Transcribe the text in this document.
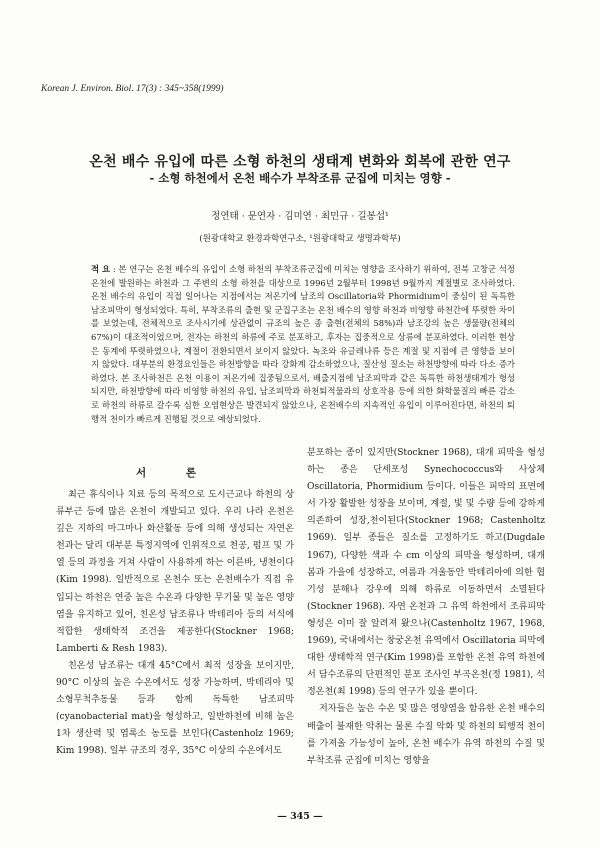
Korean J. Environ. Biol. 17(3) : 345~358(1999)
온천 배수 유입에 따른 소형 하천의 생태계 변화와 회복에 관한 연구
- 소형 하천에서 온천 배수가 부착조류 군집에 미치는 영향 -
정연태 · 문연자 · 김미연 · 최민규 · 길봉섭¹
(원광대학교 환경과학연구소, ¹원광대학교 생명과학부)
적 요 : 본 연구는 온천 배수의 유입이 소형 하천의 부착조류군집에 미치는 영향을 조사하기 위하여, 전북 고창군 석정온천에 발원하는 하천과 그 주변의 소형 하천을 대상으로 1996년 2월부터 1998년 9월까지 계절별로 조사하였다. 온천 배수의 유입이 직접 일어나는 지점에서는 저온기에 남조의 Oscillatoria와 Phormidium이 중심이 된 독특한 남조피막이 형성되었다. 특히, 부착조류의 출현 및 군집구조는 온천 배수의 영향 하천과 비영향 하천간에 뚜렷한 차이를 보였는데, 전체적으로 조사시기에 상관없이 규조의 높은 종 출현(전체의 58%)과 남조강의 높은 생물량(전체의 67%)이 대조적이었으며, 전자는 하천의 하류에 주로 분포하고, 후자는 집중적으로 상류에 분포하였다. 이러한 현상은 동계에 뚜렷하였으나, 계절이 전환되면서 보이지 않았다. 녹조와 유글레나류 등은 계절 및 지점에 큰 영향을 보이지 않았다. 대부분의 환경요인들은 하천방향을 따라 강화계 감소하였으나, 질산성 질소는 하천방향에 따라 다소 증가하였다. 본 조사하천은 온천 이용이 저온기에 집중됨으로서, 배출지점에 남조피막과 같은 독특한 하천생태계가 형성되지만, 하천방향에 따라 비영향 하천의 유입, 남조피막과 하천퇴적물과의 상호작용 등에 의한 화학물질의 빠른 감소로 하천의 하류로 갈수록 심한 오염현상은 발견되지 않았으나, 온천배수의 지속적인 유입이 이루어진다면, 하천의 퇴행적 천이가 빠르게 진행될 것으로 예상되었다.
서 론

최근 휴식이나 치료 등의 목적으로 도시근교나 하천의 상류부근 등에 많은 온천이 개발되고 있다. 우리 나라 온천은 깊은 지하의 마그마나 화산활동 등에 의해 생성되는 자연온천과는 달리 대부분 특정지역에 인위적으로 천공, 펌프 및 가열 등의 과정을 거쳐 사람이 사용하게 하는 이른바, 냉천이다(Kim 1998). 일반적으로 온천수 또는 온천배수가 직접 유입되는 하천은 연중 높은 수온과 다양한 무기물 및 높은 영양염을 유지하고 있어, 친온성 남조류나 박테리아 등의 서식에 적합한 생태학적 조건을 제공한다(Stockner 1968; Lamberti & Resh 1983).

친온성 남조류는 대개 45°C에서 최적 성장을 보이지만, 90°C 이상의 높은 수온에서도 성장 가능하며, 박테리아 및 소형무척추동물 등과 함께 독특한 남조피막(cyanobacterial mat)을 형성하고, 일반하천에 비해 높은 1차 생산력 및 엽록소 농도를 보인다(Castenholz 1969; Kim 1998). 일부 규조의 경우, 35°C 이상의 수온에서도

분포하는 종이 있지만(Stockner 1968), 대개 피막을 형성하는 종은 단세포성 Synechococcus와 사상체 Oscillatoria, Phormidium 등이다. 이들은 피막의 표면에서 가장 활발한 성장을 보이며, 계절, 빛 및 수량 등에 강하게 의존하여 성장,천이된다(Stockner 1968; Castenholtz 1969). 일부 종들은 질소를 고정하기도 하고(Dugdale 1967), 다양한 색과 수 cm 이상의 피막을 형성하며, 대개 봄과 가을에 성장하고, 여름과 겨울동안 박테리아에 의한 협기성 분해나 강우에 의해 하류로 이동하면서 소멸된다(Stockner 1968). 자연 온천과 그 유역 하천에서 조류피막 형성은 이미 잘 알려져 왔으나(Castenholtz 1967, 1968, 1969), 국내에서는 창궁온천 유역에서 Oscillatoria 피막에 대한 생태학적 연구(Kim 1998)를 포함한 온천 유역 하천에서 담수조류의 단편적인 분포 조사인 부곡온천(정 1981), 석정온천(최 1998) 등의 연구가 있을 뿐이다.

저자들은 높은 수온 및 많은 영양염을 함유한 온천 배수의 배출이 불재한 악취는 물론 수질 악화 및 하천의 퇴행적 천이를 가져올 가능성이 높아, 온천 배수가 유역 하천의 수질 및 부착조류 군집에 미치는 영향을

— 345 —
